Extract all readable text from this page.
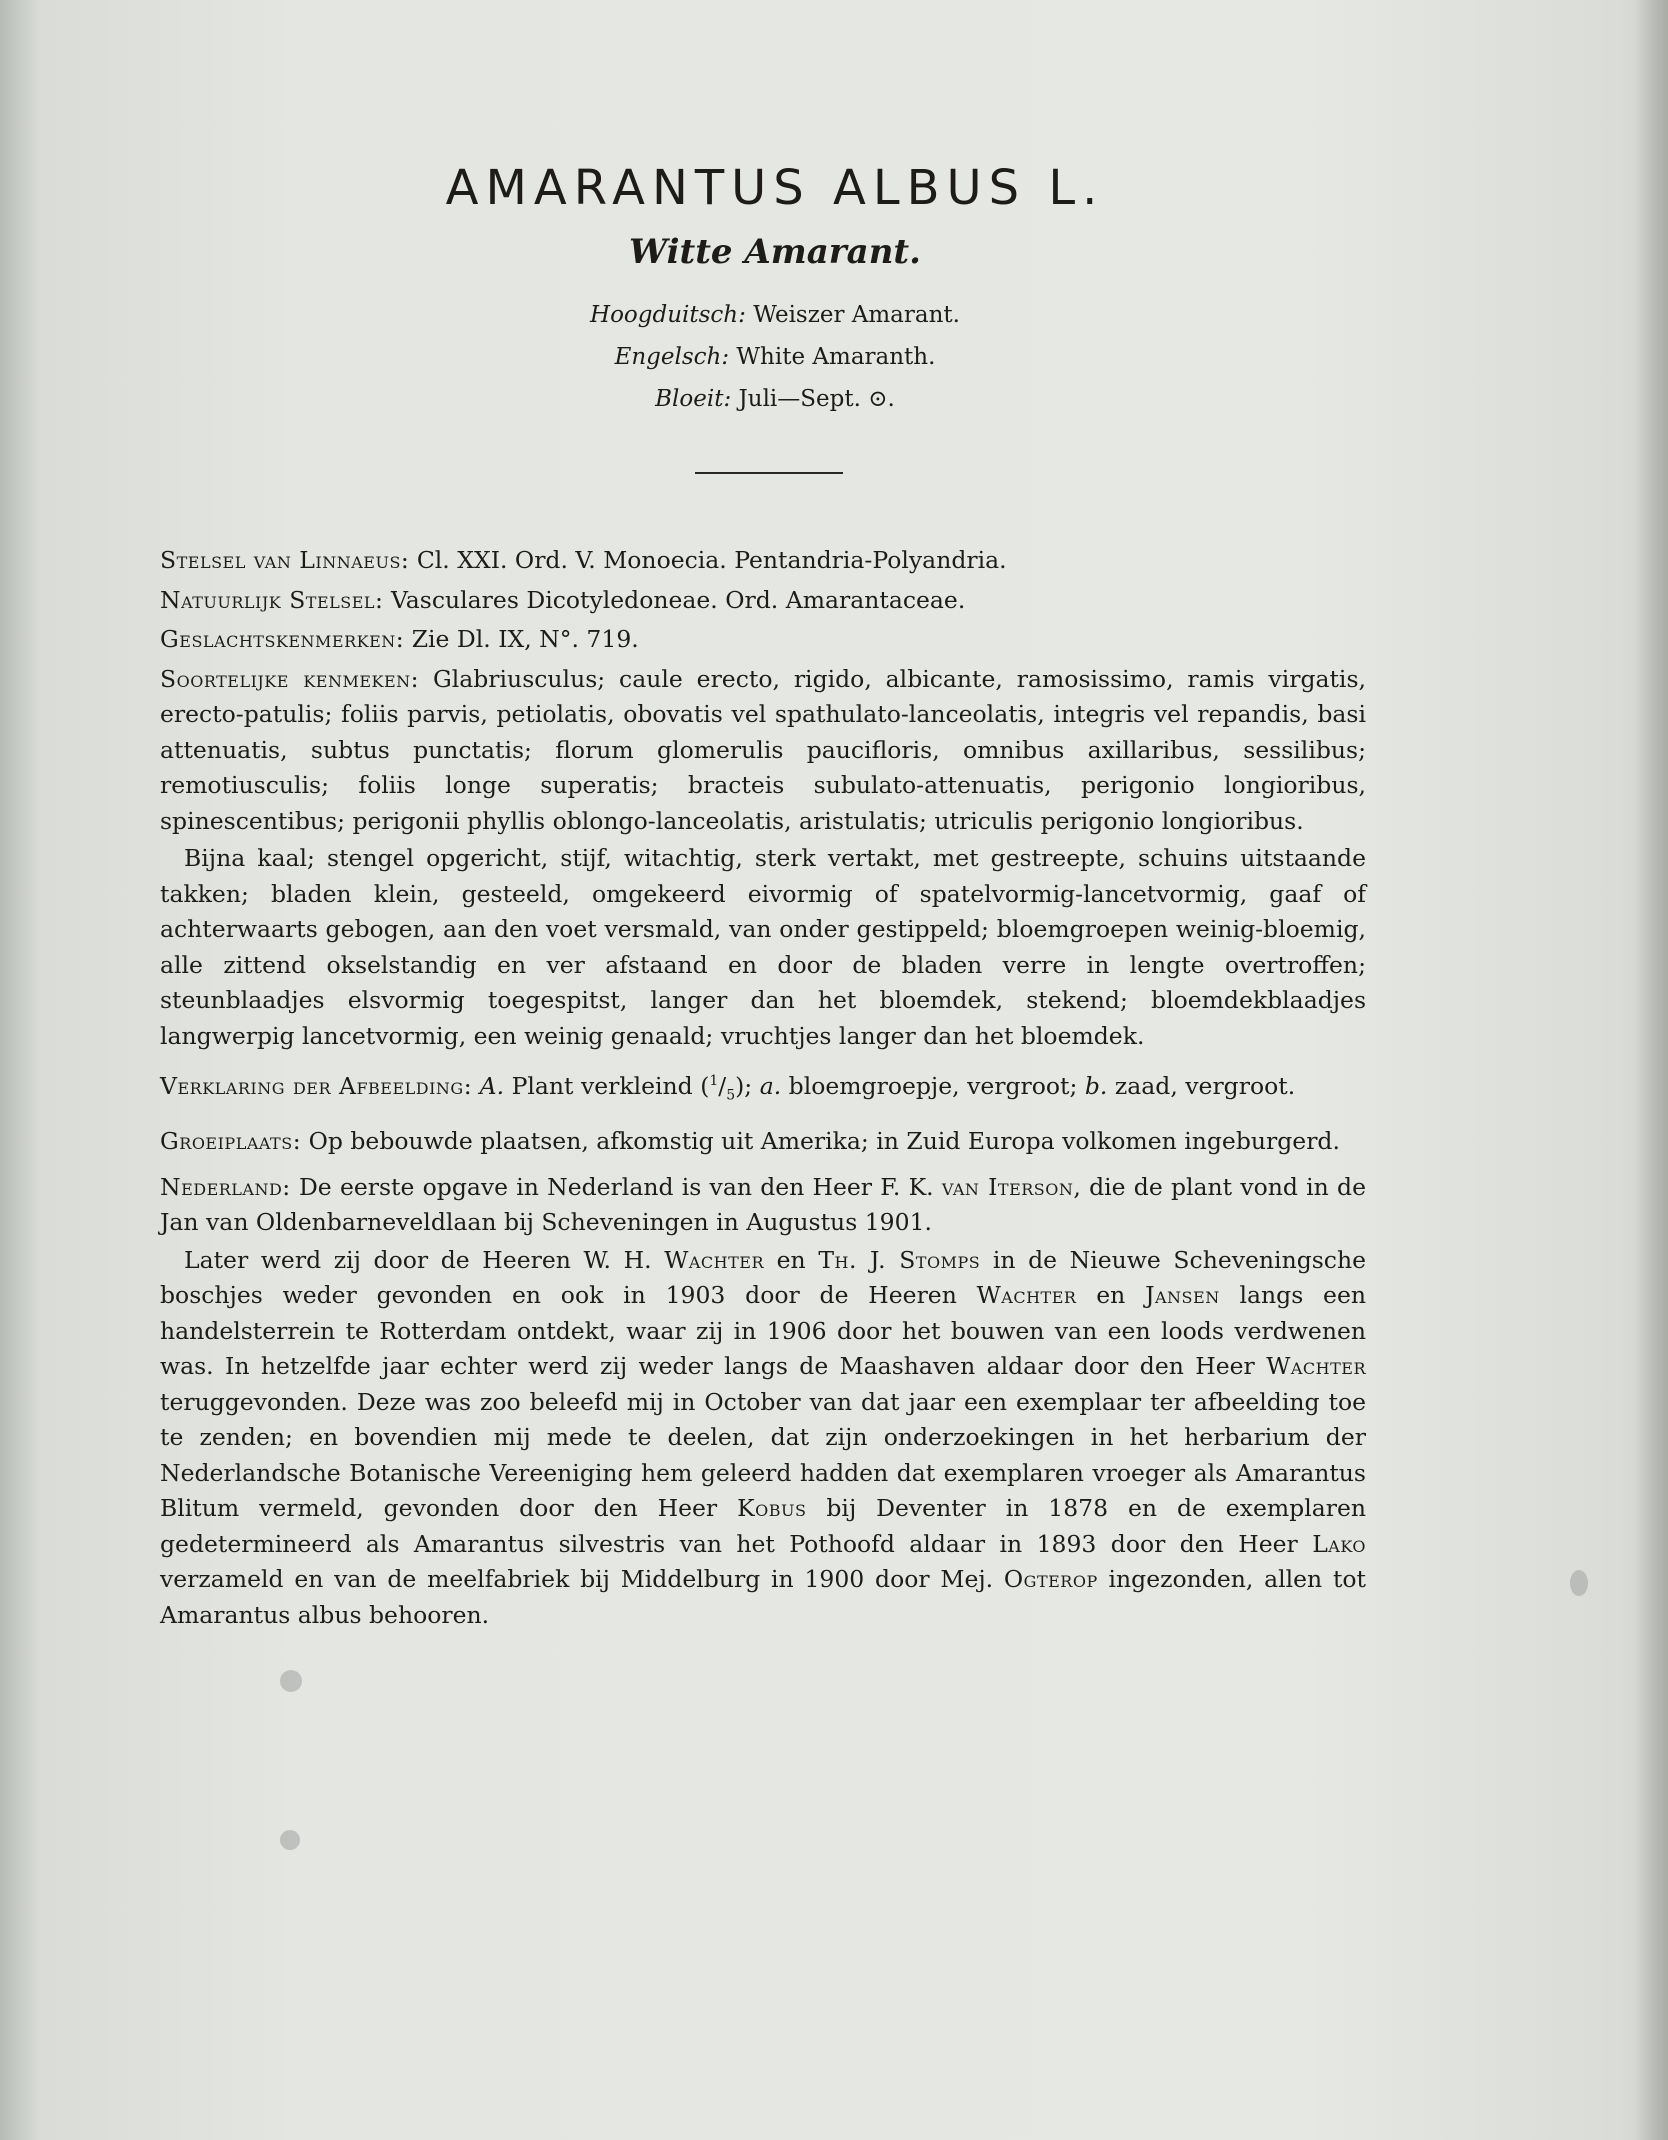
AMARANTUS ALBUS L.
Witte Amarant.
Hoogduitsch: Weiszer Amarant.
Engelsch: White Amaranth.
Bloeit: Juli—Sept. ⊙.

Stelsel van Linnaeus: Cl. XXI. Ord. V. Monoecia. Pentandria-Polyandria.

Natuurlijk Stelsel: Vasculares Dicotyledoneae. Ord. Amarantaceae.

Geslachtskenmerken: Zie Dl. IX, N°. 719.

Soortelijke kenmeken: Glabriusculus; caule erecto, rigido, albicante, ramosissimo, ramis virgatis, erecto-patulis; foliis parvis, petiolatis, obovatis vel spathulato-lanceolatis, integris vel repandis, basi attenuatis, subtus punctatis; florum glomerulis paucifloris, omnibus axillaribus, sessilibus; remotiusculis; foliis longe superatis; bracteis subulato-attenuatis, perigonio longioribus, spinescentibus; perigonii phyllis oblongo-lanceolatis, aristulatis; utriculis perigonio longioribus.

Bijna kaal; stengel opgericht, stijf, witachtig, sterk vertakt, met gestreepte, schuins uitstaande takken; bladen klein, gesteeld, omgekeerd eivormig of spatelvormig-lancetvormig, gaaf of achterwaarts gebogen, aan den voet versmald, van onder gestippeld; bloemgroepen weinig-bloemig, alle zittend okselstandig en ver afstaand en door de bladen verre in lengte overtroffen; steunblaadjes elsvormig toegespitst, langer dan het bloemdek, stekend; bloemdekblaadjes langwerpig lancetvormig, een weinig genaald; vruchtjes langer dan het bloemdek.

Verklaring der Afbeelding: A. Plant verkleind $(^1/_5)$; a. bloemgroepje, vergroot; b. zaad, vergroot.

Groeiplaats: Op bebouwde plaatsen, afkomstig uit Amerika; in Zuid Europa volkomen ingeburgerd.

Nederland: De eerste opgave in Nederland is van den Heer F. K. van Iterson, die de plant vond in de Jan van Oldenbarneveldlaan bij Scheveningen in Augustus 1901.

Later werd zij door de Heeren W. H. Wachter en Th. J. Stomps in de Nieuwe Scheveningsche boschjes weder gevonden en ook in 1903 door de Heeren Wachter en Jansen langs een handelsterrein te Rotterdam ontdekt, waar zij in 1906 door het bouwen van een loods verdwenen was. In hetzelfde jaar echter werd zij weder langs de Maashaven aldaar door den Heer Wachter teruggevonden. Deze was zoo beleefd mij in October van dat jaar een exemplaar ter afbeelding toe te zenden; en bovendien mij mede te deelen, dat zijn onderzoekingen in het herbarium der Nederlandsche Botanische Vereeniging hem geleerd hadden dat exemplaren vroeger als Amarantus Blitum vermeld, gevonden door den Heer Kobus bij Deventer in 1878 en de exemplaren gedetermineerd als Amarantus silvestris van het Pothoofd aldaar in 1893 door den Heer Lako verzameld en van de meelfabriek bij Middelburg in 1900 door Mej. Ogterop ingezonden, allen tot Amarantus albus behooren.
